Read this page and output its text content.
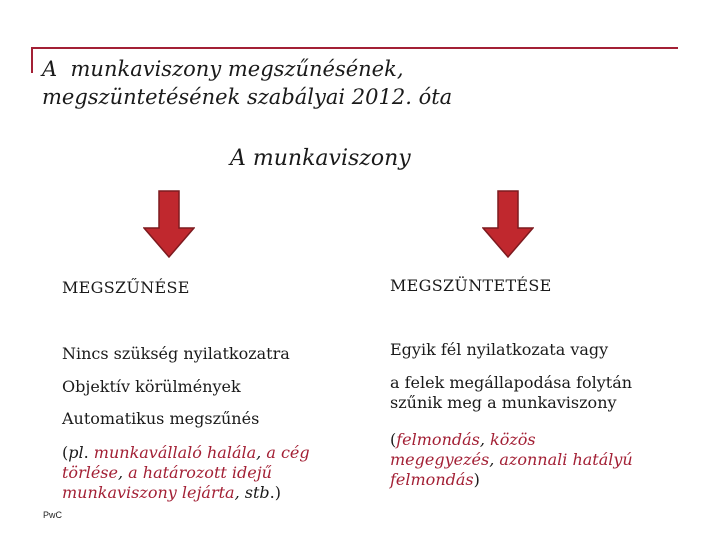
A  munkaviszony megszűnésének,
megszüntetésének szabályai 2012. óta
A munkaviszony

MEGSZŰNÉSE

Nincs szükség nyilatkozatra

Objektív körülmények

Automatikus megszűnés

(pl. munkavállaló halála, a cég törlése, a határozott idejű munkaviszony lejárta, stb.)

MEGSZÜNTETÉSE

Egyik fél nyilatkozata vagy

a felek megállapodása folytán szűnik meg a munkaviszony

(felmondás, közös megegyezés, azonnali hatályú felmondás)

PwC
